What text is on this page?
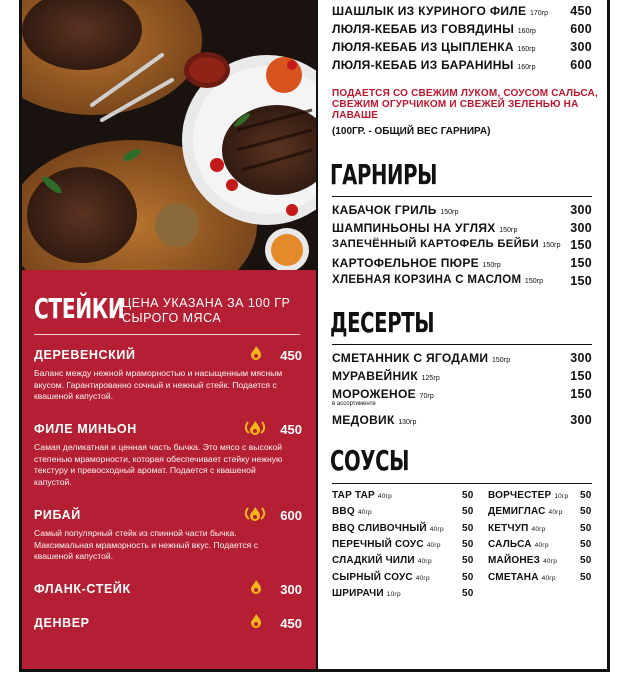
СТЕЙКИ
ЦЕНА УКАЗАНА ЗА 100 ГР СЫРОГО МЯСА
ДЕРЕВЕНСКИЙ	450
Баланс между нежной мраморностью и насыщенным мясным вкусом. Гарантированно сочный и нежный стейк. Подается с квашеной капустой.
ФИЛЕ МИНЬОН	450
Самая деликатная и ценная часть бычка. Это мясо с высокой степенью мраморности, которая обеспечивает стейку нежную текстуру и превосходный аромат. Подается с квашеной капустой.
РИБАЙ	600
Самый популярный стейк из спинной части бычка. Максимальная мраморность и нежный вкус. Подается с квашеной капустой.
ФЛАНК-СТЕЙК	300
ДЕНВЕР	450
ШАШЛЫК ИЗ КУРИНОГО ФИЛЕ 170гр 450
ЛЮЛЯ-КЕБАБ ИЗ ГОВЯДИНЫ 160гр	600
ЛЮЛЯ-КЕБАБ ИЗ ЦЫПЛЕНКА 160гр	300
ЛЮЛЯ-КЕБАБ ИЗ БАРАНИНЫ 160гр	600
ПОДАЕТСЯ СО СВЕЖИМ ЛУКОМ, СОУСОМ САЛЬСА, СВЕЖИМ ОГУРЧИКОМ И СВЕЖЕЙ ЗЕЛЕНЬЮ НА ЛАВАШЕ
(100ГР. - ОБЩИЙ ВЕС ГАРНИРА)
ГАРНИРЫ
КАБАЧОК ГРИЛЬ 150гр	300
ШАМПИНЬОНЫ НА УГЛЯХ 150гр	300
ЗАПЕЧЁННЫЙ КАРТОФЕЛЬ БЕЙБИ 150гр 150
КАРТОФЕЛЬНОЕ ПЮРЕ 150гр	150
ХЛЕБНАЯ КОРЗИНА С МАСЛОМ 150гр 150
ДЕСЕРТЫ
СМЕТАННИК С ЯГОДАМИ 150гр	300
МУРАВЕЙНИК 125гр	150
МОРОЖЕНОЕ 70гр	150
в ассортименте
МЕДОВИК 130гр	300
СОУСЫ
ТАР ТАР 40гр	50
BBQ 40гр	50
BBQ СЛИВОЧНЫЙ 40гр 50
ПЕРЕЧНЫЙ СОУС 40гр 50
СЛАДКИЙ ЧИЛИ 40гр	50
СЫРНЫЙ СОУС 40гр	50
ШРИРАЧИ 10гр	50
ВОРЧЕСТЕР 10гр 50
ДЕМИГЛАС 40гр 50
КЕТЧУП 40гр	50
САЛЬСА 40гр	50
МАЙОНЕЗ 40гр 50
СМЕТАНА 40гр 50
